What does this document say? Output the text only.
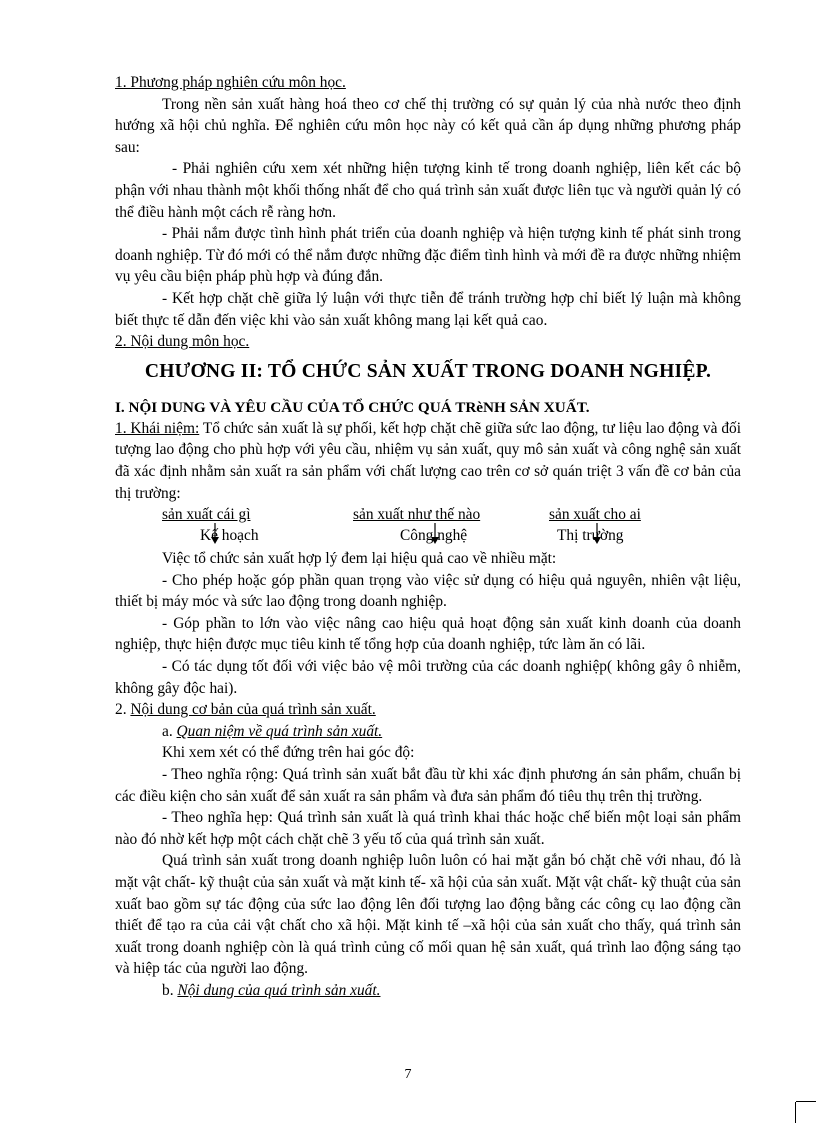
1. Phương pháp nghiên cứu môn học.

Trong nền sản xuất hàng hoá theo cơ chế thị trường có sự quản lý của nhà nước theo định hướng xã hội chủ nghĩa. Để nghiên cứu môn học này có kết quả cần áp dụng những phương pháp sau:

- Phải nghiên cứu xem xét những hiện tượng kinh tế trong doanh nghiệp, liên kết các bộ phận với nhau thành một khối thống nhất để cho quá trình sản xuất được liên tục và người quản lý có thể điều hành một cách rễ ràng hơn.

- Phải nắm được tình hình phát triển của doanh nghiệp và hiện tượng kinh tế phát sinh trong doanh nghiệp. Từ đó mới có thể nắm được những đặc điểm tình hình và mới đề ra được những nhiệm vụ yêu cầu biện pháp phù hợp và đúng đắn.

- Kết hợp chặt chẽ giữa lý luận với thực tiễn để tránh trường hợp chỉ biết lý luận mà không biết thực tế dẫn đến việc khi vào sản xuất không mang lại kết quả cao.

2. Nội dung môn học.

CHƯƠNG II: TỔ CHỨC SẢN XUẤT TRONG DOANH NGHIỆP.

I. NỘI DUNG VÀ YÊU CẦU CỦA TỔ CHỨC QUÁ TRèNH SẢN XUẤT.

1. Khái niệm: Tổ chức sản xuất là sự phối, kết hợp chặt chẽ giữa sức lao động, tư liệu lao động và đối tượng lao động cho phù hợp với yêu cầu, nhiệm vụ sản xuất, quy mô sản xuất và công nghệ sản xuất đã xác định nhằm sản xuất ra sản phẩm với chất lượng cao trên cơ sở quán triệt 3 vấn đề cơ bản của thị trường:

sản xuất cái gì	sản xuất như thế nào	sản xuất cho ai
Kế hoạch	Công nghệ	Thị trường

Việc tổ chức sản xuất hợp lý đem lại hiệu quả cao về nhiều mặt:

- Cho phép hoặc góp phần quan trọng vào việc sử dụng có hiệu quả nguyên, nhiên vật liệu, thiết bị máy móc và sức lao động trong doanh nghiệp.

- Góp phần to lớn vào việc nâng cao hiệu quả hoạt động sản xuất kinh doanh của doanh nghiệp, thực hiện được mục tiêu kinh tế tổng hợp của doanh nghiệp, tức làm ăn có lãi.

- Có tác dụng tốt đối với việc bảo vệ môi trường của các doanh nghiệp( không gây ô nhiễm, không gây độc hai).

2. Nội dung cơ bản của quá trình sản xuất.

a. Quan niệm về quá trình sản xuất.

Khi xem xét có thể đứng trên hai góc độ:

- Theo nghĩa rộng: Quá trình sản xuất bắt đầu từ khi xác định phương án sản phẩm, chuẩn bị các điều kiện cho sản xuất để sản xuất ra sản phẩm và đưa sản phẩm đó tiêu thụ trên thị trường.

- Theo nghĩa hẹp: Quá trình sản xuất là quá trình khai thác hoặc chế biến một loại sản phẩm nào đó nhờ kết hợp một cách chặt chẽ 3 yếu tố của quá trình sản xuất.

Quá trình sản xuất trong doanh nghiệp luôn luôn có hai mặt gắn bó chặt chẽ với nhau, đó là mặt vật chất- kỹ thuật của sản xuất và mặt kinh tế- xã hội của sản xuất. Mặt vật chất- kỹ thuật của sản xuất bao gồm sự tác động của sức lao động lên đối tượng lao động bằng các công cụ lao động cần thiết để tạo ra của cải vật chất cho xã hội. Mặt kinh tế –xã hội của sản xuất cho thấy, quá trình sản xuất trong doanh nghiệp còn là quá trình củng cố mối quan hệ sản xuất, quá trình lao động sáng tạo và hiệp tác của người lao động.

b. Nội dung của quá trình sản xuất.

7
